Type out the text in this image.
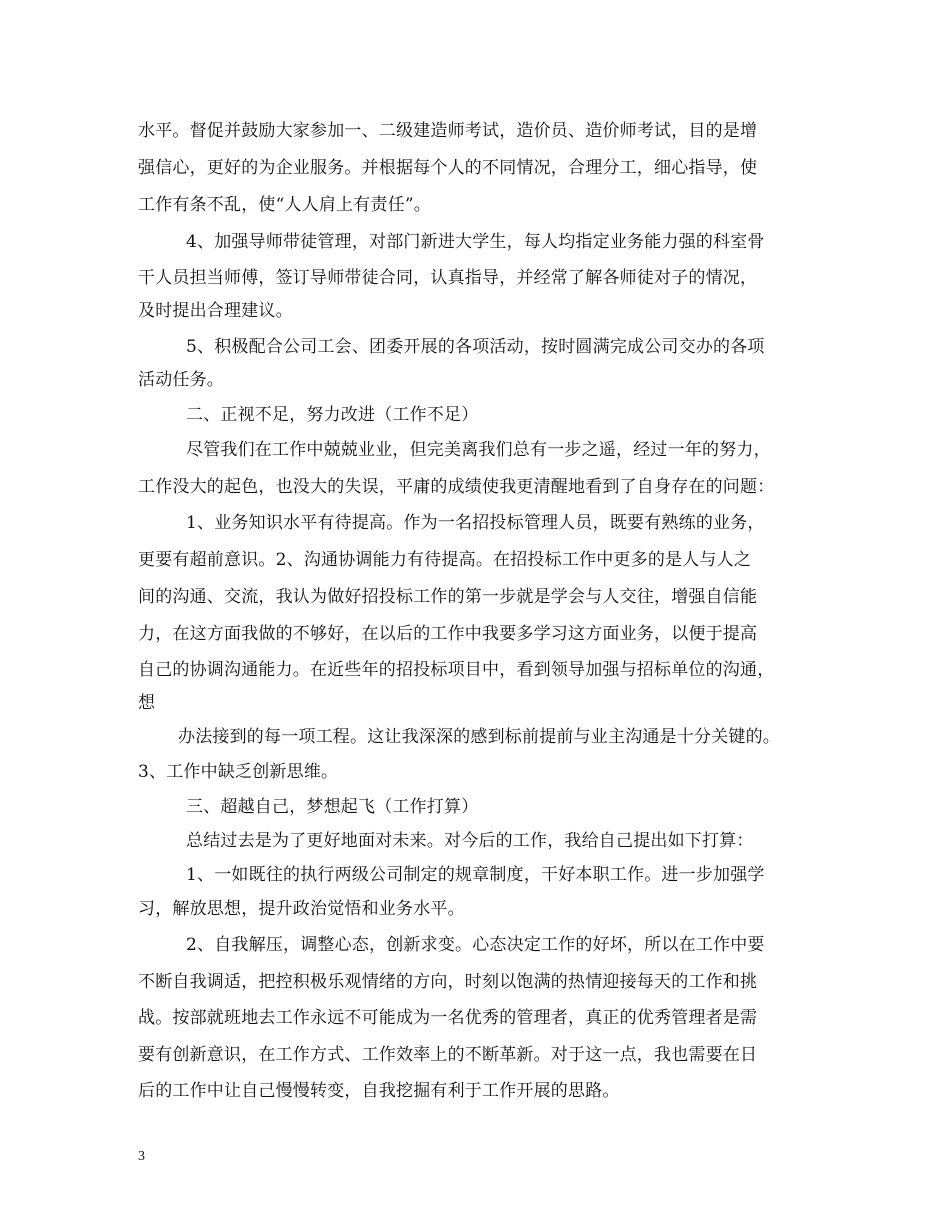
水平。督促并鼓励大家参加一、二级建造师考试，造价员、造价师考试，目的是增
强信心，更好的为企业服务。并根据每个人的不同情况，合理分工，细心指导，使
工作有条不乱，使“人人肩上有责任”。
4、加强导师带徒管理，对部门新进大学生，每人均指定业务能力强的科室骨
干人员担当师傅，签订导师带徒合同，认真指导，并经常了解各师徒对子的情况，
及时提出合理建议。
5、积极配合公司工会、团委开展的各项活动，按时圆满完成公司交办的各项
活动任务。
二、正视不足，努力改进（工作不足）
尽管我们在工作中兢兢业业，但完美离我们总有一步之遥，经过一年的努力，
工作没大的起色，也没大的失误，平庸的成绩使我更清醒地看到了自身存在的问题：
1、业务知识水平有待提高。作为一名招投标管理人员，既要有熟练的业务，
更要有超前意识。2、沟通协调能力有待提高。在招投标工作中更多的是人与人之
间的沟通、交流，我认为做好招投标工作的第一步就是学会与人交往，增强自信能
力，在这方面我做的不够好，在以后的工作中我要多学习这方面业务，以便于提高
自己的协调沟通能力。在近些年的招投标项目中，看到领导加强与招标单位的沟通，
想
办法接到的每一项工程。这让我深深的感到标前提前与业主沟通是十分关键的。
3、工作中缺乏创新思维。
三、超越自己，梦想起飞（工作打算）
总结过去是为了更好地面对未来。对今后的工作，我给自己提出如下打算：
1、一如既往的执行两级公司制定的规章制度，干好本职工作。进一步加强学
习，解放思想，提升政治觉悟和业务水平。
2、自我解压，调整心态，创新求变。心态决定工作的好坏，所以在工作中要
不断自我调适，把控积极乐观情绪的方向，时刻以饱满的热情迎接每天的工作和挑
战。按部就班地去工作永远不可能成为一名优秀的管理者，真正的优秀管理者是需
要有创新意识，在工作方式、工作效率上的不断革新。对于这一点，我也需要在日
后的工作中让自己慢慢转变，自我挖掘有利于工作开展的思路。
3
